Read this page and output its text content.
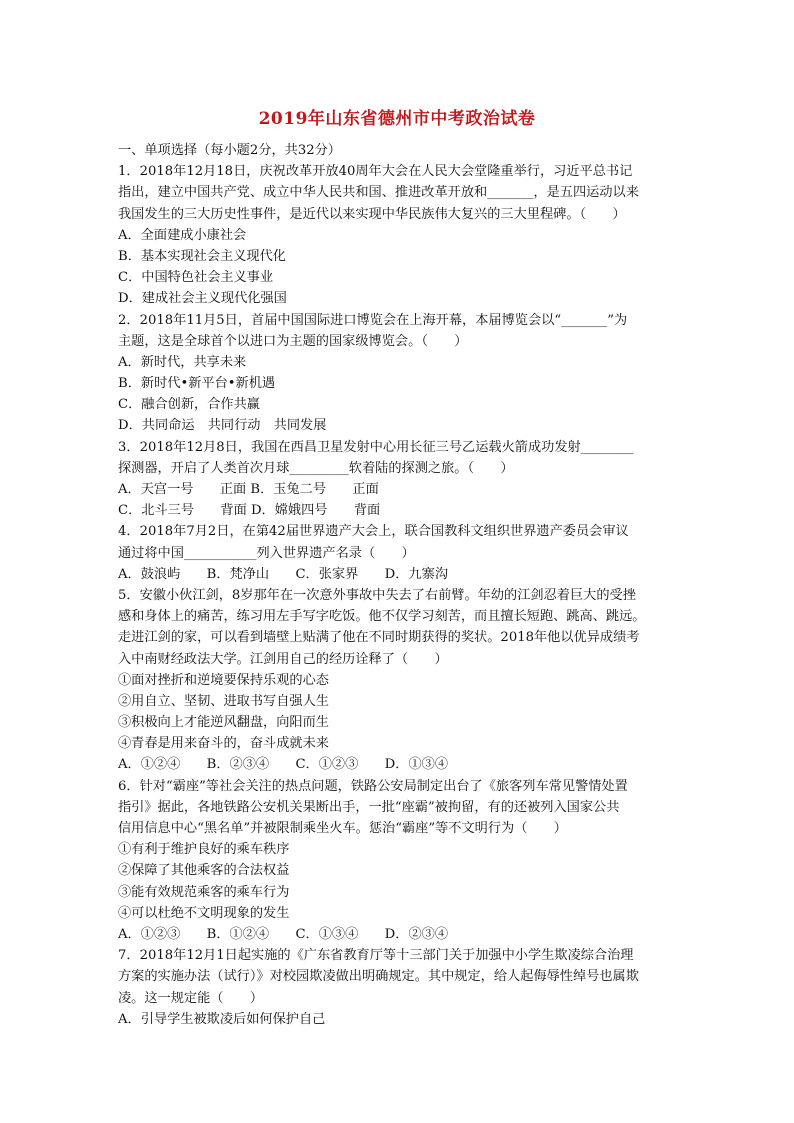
2019年山东省德州市中考政治试卷
一、单项选择（每小题2分，共32分）
1．2018年12月18日，庆祝改革开放40周年大会在人民大会堂隆重举行，习近平总书记
指出，建立中国共产党、成立中华人民共和国、推进改革开放和_______，是五四运动以来
我国发生的三大历史性事件，是近代以来实现中华民族伟大复兴的三大里程碑。（　　）
A．全面建成小康社会
B．基本实现社会主义现代化
C．中国特色社会主义事业
D．建成社会主义现代化强国
2．2018年11月5日，首届中国国际进口博览会在上海开幕，本届博览会以“_______”为
主题，这是全球首个以进口为主题的国家级博览会。（　　）
A．新时代，共享未来
B．新时代•新平台•新机遇
C．融合创新，合作共赢
D．共同命运　共同行动　共同发展
3．2018年12月8日，我国在西昌卫星发射中心用长征三号乙运载火箭成功发射________
探测器，开启了人类首次月球_________软着陆的探测之旅。（　　）
A．天宫一号　　正面 B．玉兔二号　　正面
C．北斗三号　　背面 D．嫦娥四号　　背面
4．2018年7月2日，在第42届世界遗产大会上，联合国教科文组织世界遗产委员会审议
通过将中国___________列入世界遗产名录（　　）
A．鼓浪屿　　B．梵净山　　C．张家界　　D．九寨沟
5．安徽小伙江剑，8岁那年在一次意外事故中失去了右前臂。年幼的江剑忍着巨大的受挫
感和身体上的痛苦，练习用左手写字吃饭。他不仅学习刻苦，而且擅长短跑、跳高、跳远。
走进江剑的家，可以看到墙壁上贴满了他在不同时期获得的奖状。2018年他以优异成绩考
入中南财经政法大学。江剑用自己的经历诠释了（　　）
①面对挫折和逆境要保持乐观的心态
②用自立、坚韧、进取书写自强人生
③积极向上才能逆风翻盘，向阳而生
④青春是用来奋斗的，奋斗成就未来
A．①②④　　B．②③④　　C．①②③　　D．①③④
6．针对“霸座”等社会关注的热点问题，铁路公安局制定出台了《旅客列车常见警情处置
指引》据此，各地铁路公安机关果断出手，一批“座霸”被拘留，有的还被列入国家公共
信用信息中心“黑名单”并被限制乘坐火车。惩治“霸座”等不文明行为（　　）
①有利于维护良好的乘车秩序
②保障了其他乘客的合法权益
③能有效规范乘客的乘车行为
④可以杜绝不文明现象的发生
A．①②③　　B．①②④　　C．①③④　　D．②③④
7．2018年12月1日起实施的《广东省教育厅等十三部门关于加强中小学生欺凌综合治理
方案的实施办法（试行）》对校园欺凌做出明确规定。其中规定，给人起侮辱性绰号也属欺
凌。这一规定能（　　）
A．引导学生被欺凌后如何保护自己
